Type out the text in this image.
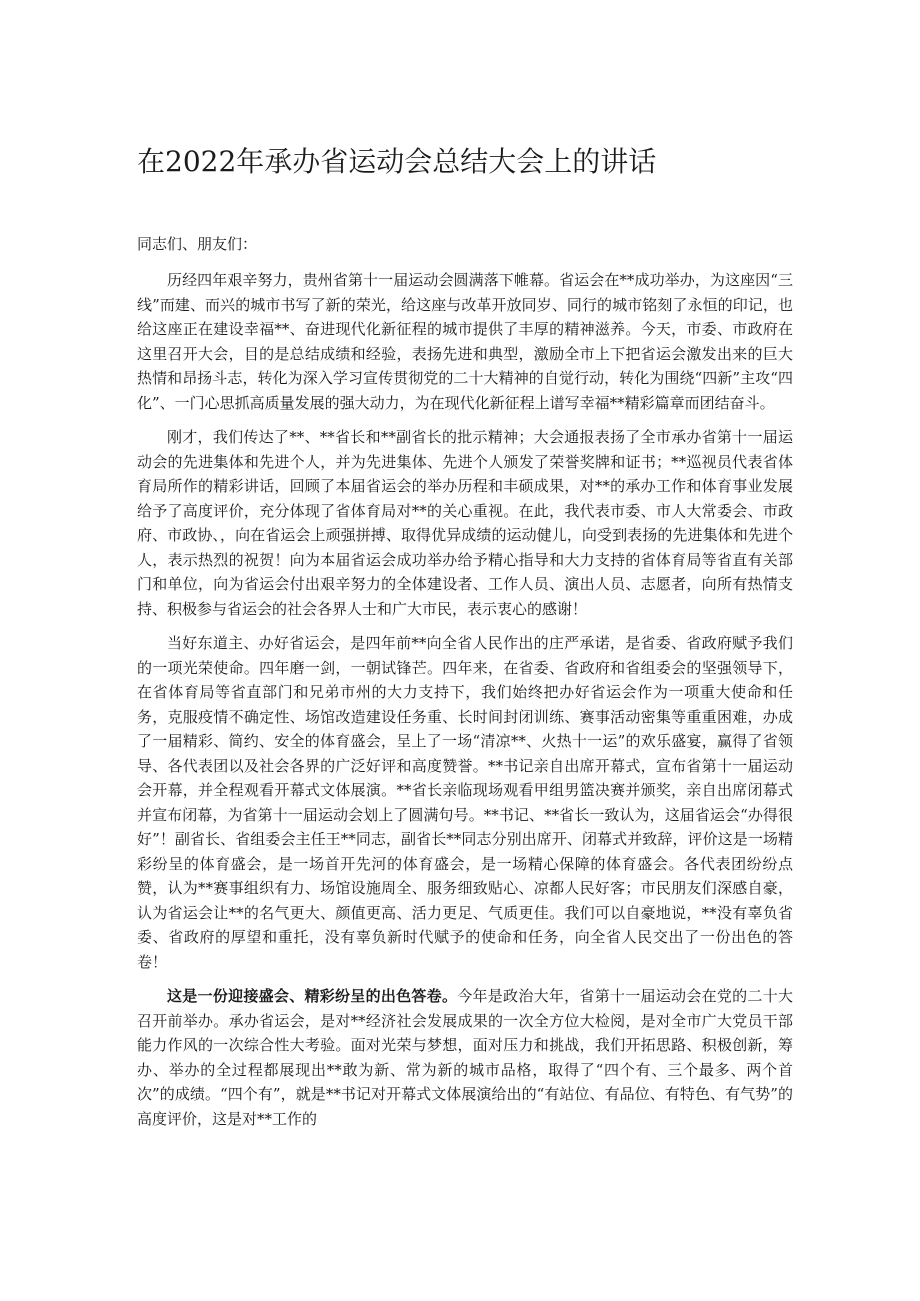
在2022年承办省运动会总结大会上的讲话

同志们、朋友们：

历经四年艰辛努力，贵州省第十一届运动会圆满落下帷幕。省运会在**成功举办，为这座因“三线”而建、而兴的城市书写了新的荣光，给这座与改革开放同岁、同行的城市铭刻了永恒的印记，也给这座正在建设幸福**、奋进现代化新征程的城市提供了丰厚的精神滋养。今天，市委、市政府在这里召开大会，目的是总结成绩和经验，表扬先进和典型，激励全市上下把省运会激发出来的巨大热情和昂扬斗志，转化为深入学习宣传贯彻党的二十大精神的自觉行动，转化为围绕“四新”主攻“四化”、一门心思抓高质量发展的强大动力，为在现代化新征程上谱写幸福**精彩篇章而团结奋斗。

刚才，我们传达了**、**省长和**副省长的批示精神；大会通报表扬了全市承办省第十一届运动会的先进集体和先进个人，并为先进集体、先进个人颁发了荣誉奖牌和证书；**巡视员代表省体育局所作的精彩讲话，回顾了本届省运会的举办历程和丰硕成果，对**的承办工作和体育事业发展给予了高度评价，充分体现了省体育局对**的关心重视。在此，我代表市委、市人大常委会、市政府、市政协、，向在省运会上顽强拼搏、取得优异成绩的运动健儿，向受到表扬的先进集体和先进个人，表示热烈的祝贺！向为本届省运会成功举办给予精心指导和大力支持的省体育局等省直有关部门和单位，向为省运会付出艰辛努力的全体建设者、工作人员、演出人员、志愿者，向所有热情支持、积极参与省运会的社会各界人士和广大市民，表示衷心的感谢！

当好东道主、办好省运会，是四年前**向全省人民作出的庄严承诺，是省委、省政府赋予我们的一项光荣使命。四年磨一剑，一朝试锋芒。四年来，在省委、省政府和省组委会的坚强领导下，在省体育局等省直部门和兄弟市州的大力支持下，我们始终把办好省运会作为一项重大使命和任务，克服疫情不确定性、场馆改造建设任务重、长时间封闭训练、赛事活动密集等重重困难，办成了一届精彩、简约、安全的体育盛会，呈上了一场“清凉**、火热十一运”的欢乐盛宴，赢得了省领导、各代表团以及社会各界的广泛好评和高度赞誉。**书记亲自出席开幕式，宣布省第十一届运动会开幕，并全程观看开幕式文体展演。**省长亲临现场观看甲组男篮决赛并颁奖，亲自出席闭幕式并宣布闭幕，为省第十一届运动会划上了圆满句号。**书记、**省长一致认为，这届省运会“办得很好”！副省长、省组委会主任王**同志，副省长**同志分别出席开、闭幕式并致辞，评价这是一场精彩纷呈的体育盛会，是一场首开先河的体育盛会，是一场精心保障的体育盛会。各代表团纷纷点赞，认为**赛事组织有力、场馆设施周全、服务细致贴心、凉都人民好客；市民朋友们深感自豪，认为省运会让**的名气更大、颜值更高、活力更足、气质更佳。我们可以自豪地说，**没有辜负省委、省政府的厚望和重托，没有辜负新时代赋予的使命和任务，向全省人民交出了一份出色的答卷！

这是一份迎接盛会、精彩纷呈的出色答卷。今年是政治大年，省第十一届运动会在党的二十大召开前举办。承办省运会，是对**经济社会发展成果的一次全方位大检阅，是对全市广大党员干部能力作风的一次综合性大考验。面对光荣与梦想，面对压力和挑战，我们开拓思路、积极创新，筹办、举办的全过程都展现出**敢为新、常为新的城市品格，取得了“四个有、三个最多、两个首次”的成绩。“四个有”，就是**书记对开幕式文体展演给出的“有站位、有品位、有特色、有气势”的高度评价，这是对**工作的
